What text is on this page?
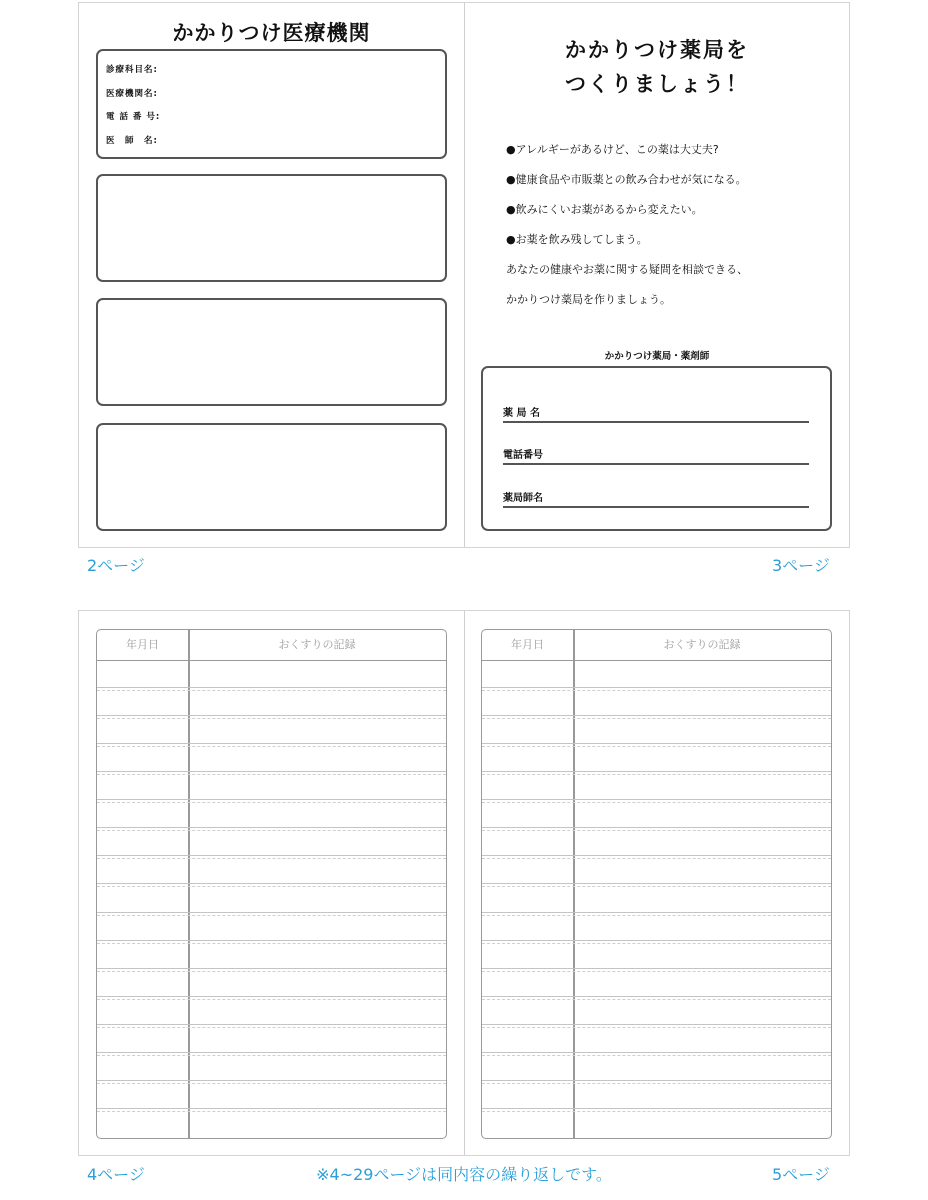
かかりつけ医療機関
診療科目名:
医療機関名:
電 話 番 号:
医　師　名:
かかりつけ薬局を
つくりましょう！
●アレルギーがあるけど、この薬は大丈夫?
●健康食品や市販薬との飲み合わせが気になる。
●飲みにくいお薬があるから変えたい。
●お薬を飲み残してしまう。
あなたの健康やお薬に関する疑問を相談できる、
かかりつけ薬局を作りましょう。
かかりつけ薬局・薬剤師
薬 局 名
電話番号
薬局師名
2ページ	3ページ
年月日	おくすりの記録	年月日	おくすりの記録
4ページ	※4~29ページは同内容の繰り返しです。	5ページ
